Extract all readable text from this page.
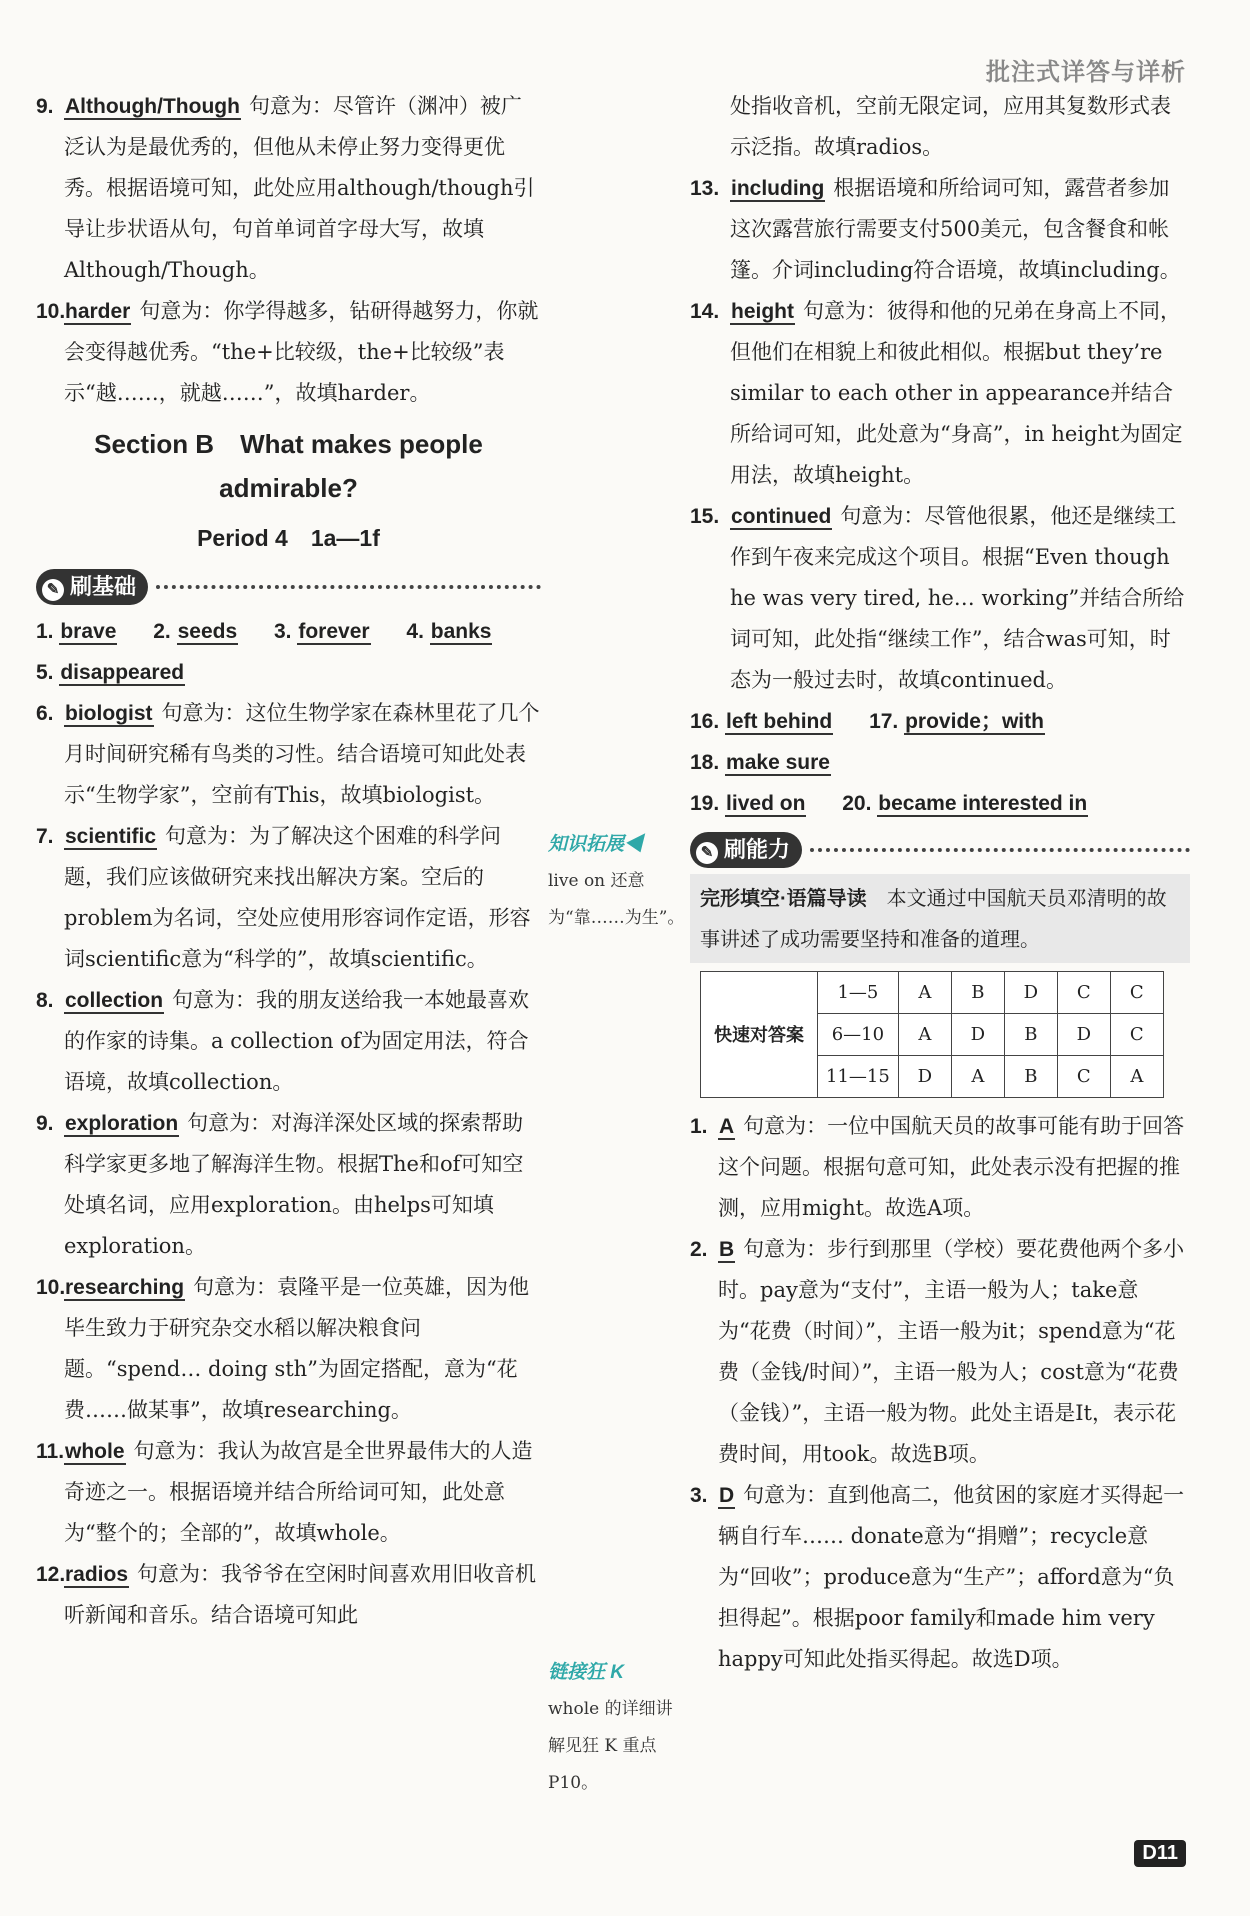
批注式详答与详析
9. Although/Though 句意为：尽管许（渊冲）被广泛认为是最优秀的，但他从未停止努力变得更优秀。根据语境可知，此处应用although/though引导让步状语从句，句首单词首字母大写，故填Although/Though。
10. harder 句意为：你学得越多，钻研得越努力，你就会变得越优秀。“the+比较级，the+比较级”表示“越……，就越……”，故填harder。
Section B　What makes people admirable?
Period 4　1a—1f
✎ 刷基础
1. brave 2. seeds 3. forever 4. banks
5. disappeared
6. biologist 句意为：这位生物学家在森林里花了几个月时间研究稀有鸟类的习性。结合语境可知此处表示“生物学家”，空前有This，故填biologist。
7. scientific 句意为：为了解决这个困难的科学问题，我们应该做研究来找出解决方案。空后的problem为名词，空处应使用形容词作定语，形容词scientific意为“科学的”，故填scientific。
8. collection 句意为：我的朋友送给我一本她最喜欢的作家的诗集。a collection of为固定用法，符合语境，故填collection。
9. exploration 句意为：对海洋深处区域的探索帮助科学家更多地了解海洋生物。根据The和of可知空处填名词，应用exploration。由helps可知填exploration。
10. researching 句意为：袁隆平是一位英雄，因为他毕生致力于研究杂交水稻以解决粮食问题。“spend… doing sth”为固定搭配，意为“花费……做某事”，故填researching。
11. whole 句意为：我认为故宫是全世界最伟大的人造奇迹之一。根据语境并结合所给词可知，此处意为“整个的；全部的”，故填whole。
12. radios 句意为：我爷爷在空闲时间喜欢用旧收音机听新闻和音乐。结合语境可知此
知识拓展◀
live on 还意为“靠……为生”。
链接狂 K
whole 的详细讲解见狂 K 重点 P10。
处指收音机，空前无限定词，应用其复数形式表示泛指。故填radios。
13. including 根据语境和所给词可知，露营者参加这次露营旅行需要支付500美元，包含餐食和帐篷。介词including符合语境，故填including。
14. height 句意为：彼得和他的兄弟在身高上不同，但他们在相貌上和彼此相似。根据but they’re similar to each other in appearance并结合所给词可知，此处意为“身高”，in height为固定用法，故填height。
15. continued 句意为：尽管他很累，他还是继续工作到午夜来完成这个项目。根据“Even though he was very tired, he… working”并结合所给词可知，此处指“继续工作”，结合was可知，时态为一般过去时，故填continued。
16. left behind 17. provide；with
18. make sure
19. lived on 20. became interested in
✎ 刷能力
完形填空·语篇导读　 本文通过中国航天员邓清明的故事讲述了成功需要坚持和准备的道理。
快速对答案	1—5	A	B	D	C	C
	6—10	A	D	B	D	C
	11—15	D	A	B	C	A
1. A 句意为：一位中国航天员的故事可能有助于回答这个问题。根据句意可知，此处表示没有把握的推测，应用might。故选A项。
2. B 句意为：步行到那里（学校）要花费他两个多小时。pay意为“支付”，主语一般为人；take意为“花费（时间）”，主语一般为it；spend意为“花费（金钱/时间）”，主语一般为人；cost意为“花费（金钱）”，主语一般为物。此处主语是It，表示花费时间，用took。故选B项。
3. D 句意为：直到他高二，他贫困的家庭才买得起一辆自行车…… donate意为“捐赠”；recycle意为“回收”；produce意为“生产”；afford意为“负担得起”。根据poor family和made him very happy可知此处指买得起。故选D项。
D11
